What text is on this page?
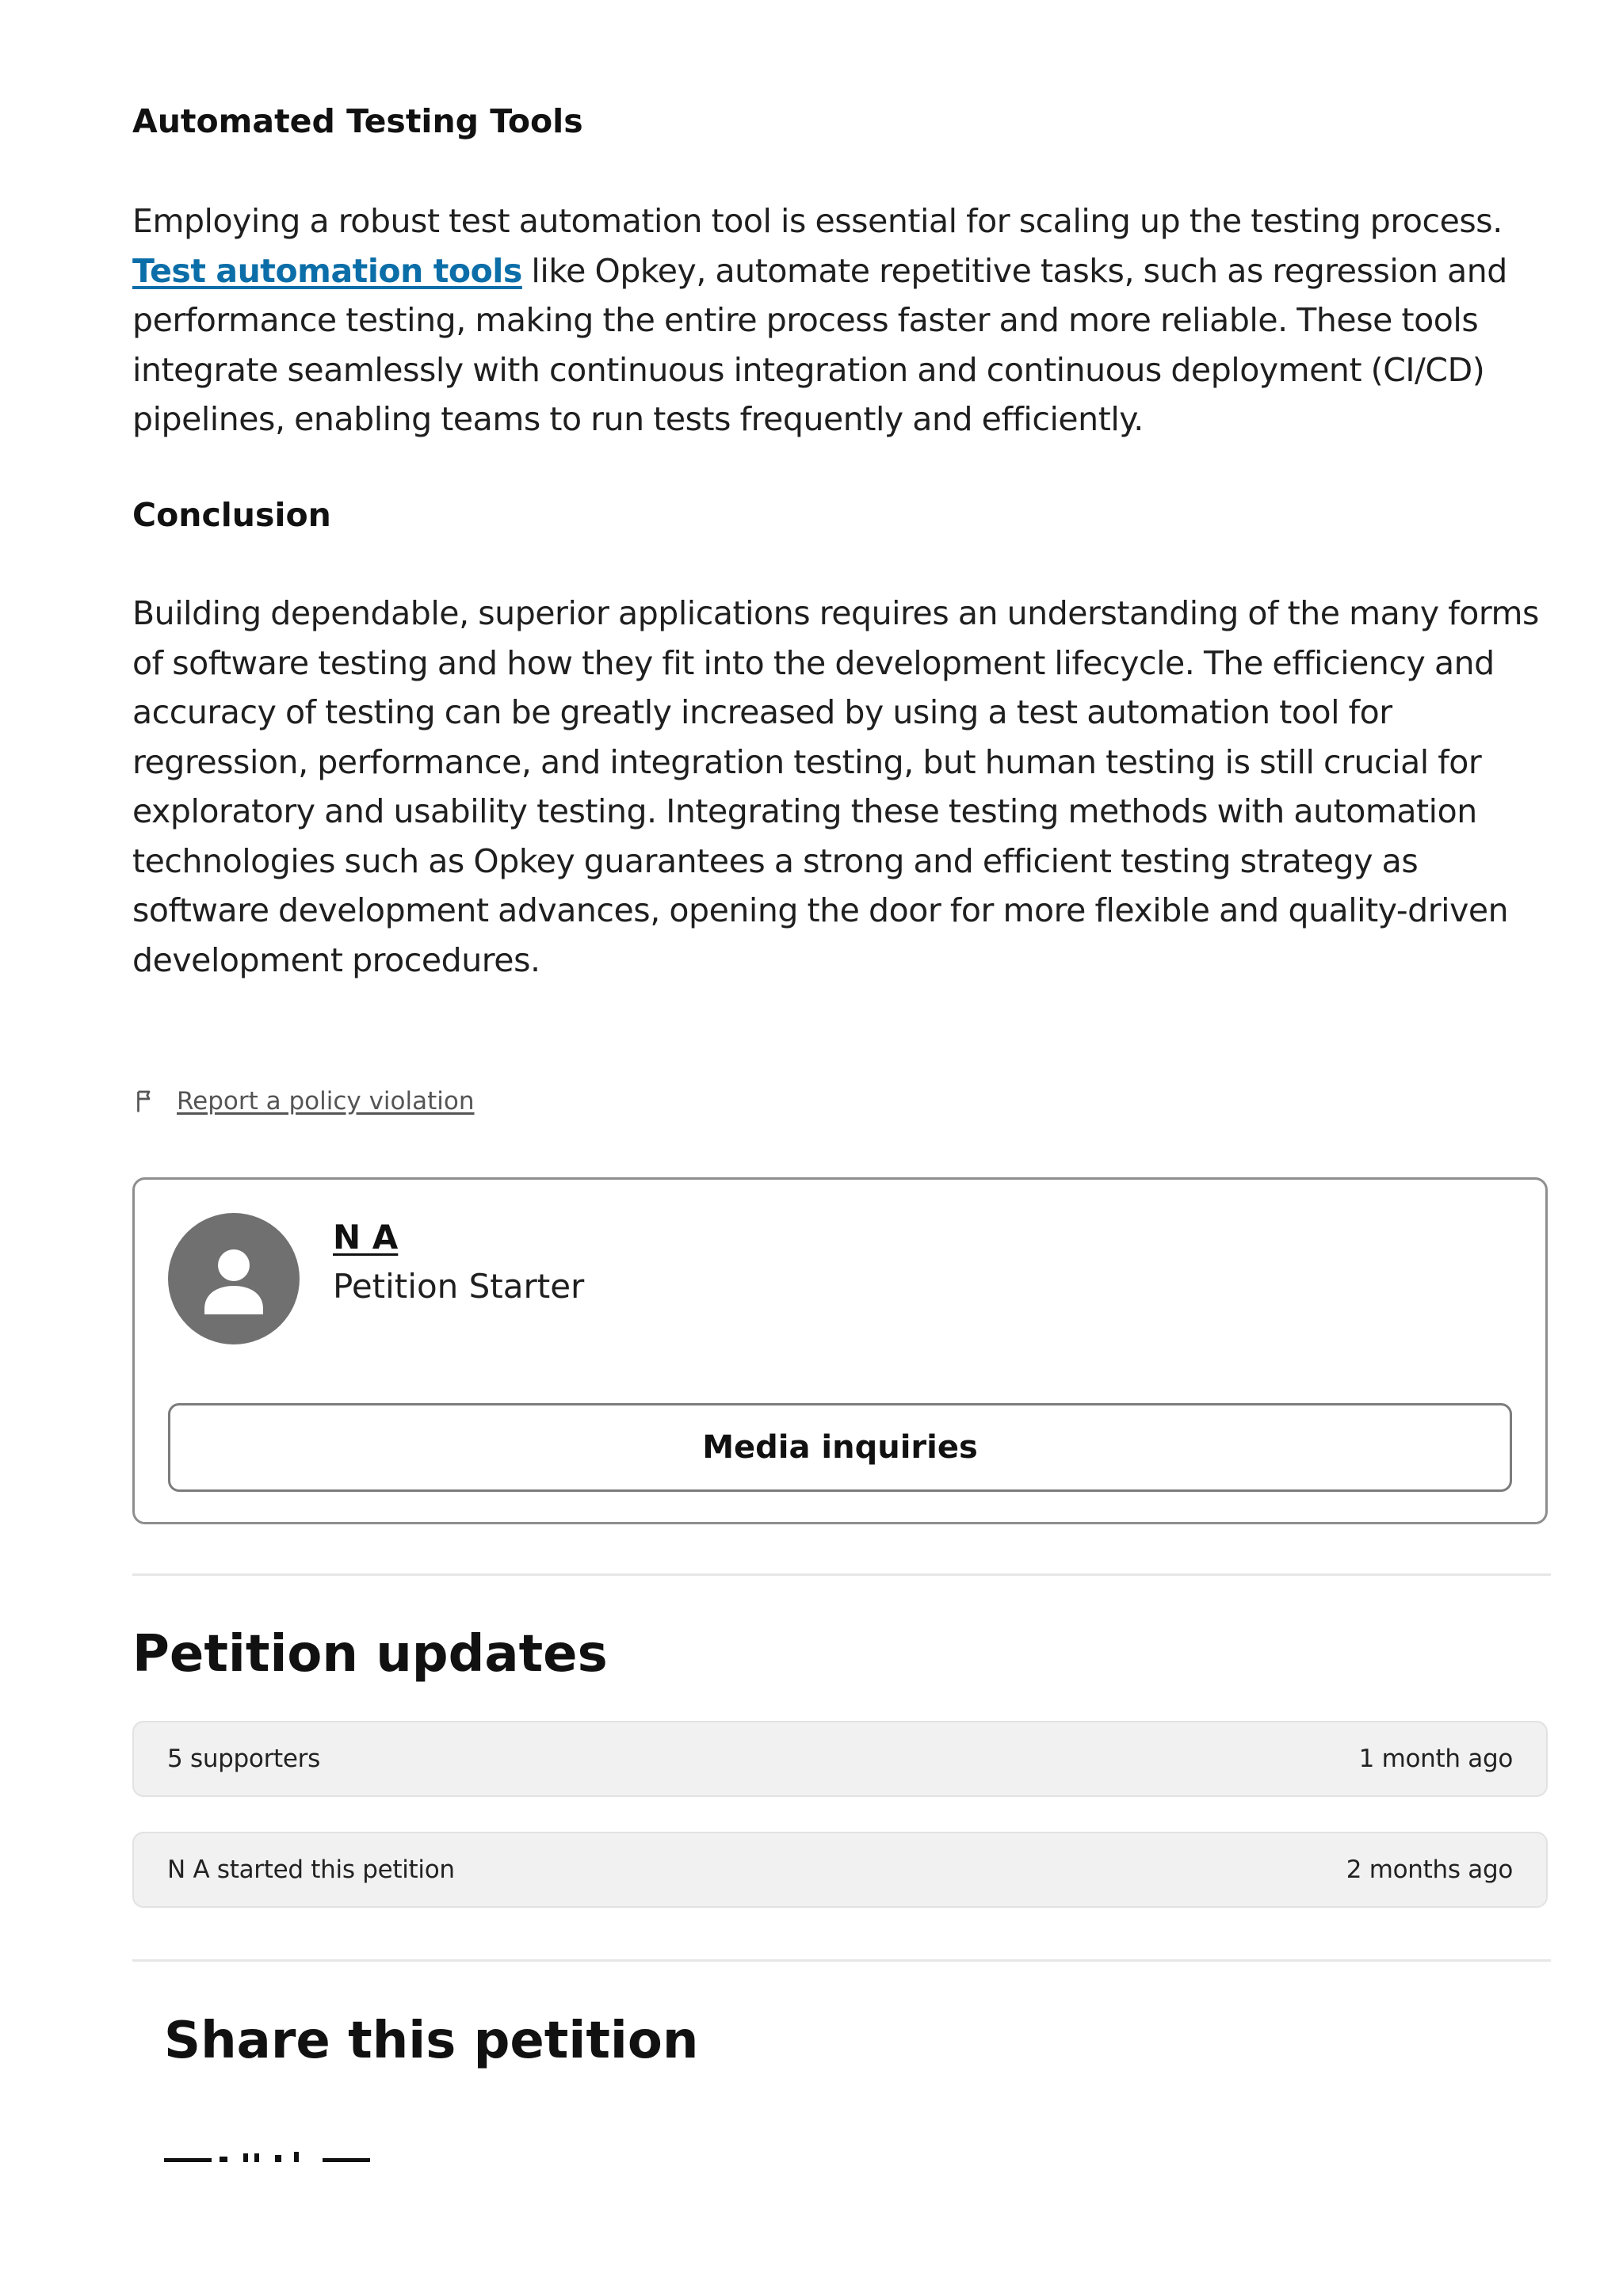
Automated Testing Tools

Employing a robust test automation tool is essential for scaling up the testing process. Test automation tools like Opkey, automate repetitive tasks, such as regression and performance testing, making the entire process faster and more reliable. These tools integrate seamlessly with continuous integration and continuous deployment (CI/CD) pipelines, enabling teams to run tests frequently and efficiently.

Conclusion

Building dependable, superior applications requires an understanding of the many forms of software testing and how they fit into the development lifecycle. The efficiency and accuracy of testing can be greatly increased by using a test automation tool for regression, performance, and integration testing, but human testing is still crucial for exploratory and usability testing. Integrating these testing methods with automation technologies such as Opkey guarantees a strong and efficient testing strategy as software development advances, opening the door for more flexible and quality-driven development procedures.

Report a policy violation
N A
Petition Starter
Media inquiries
Petition updates
5 supporters	1 month ago
N A started this petition	2 months ago
Share this petition
